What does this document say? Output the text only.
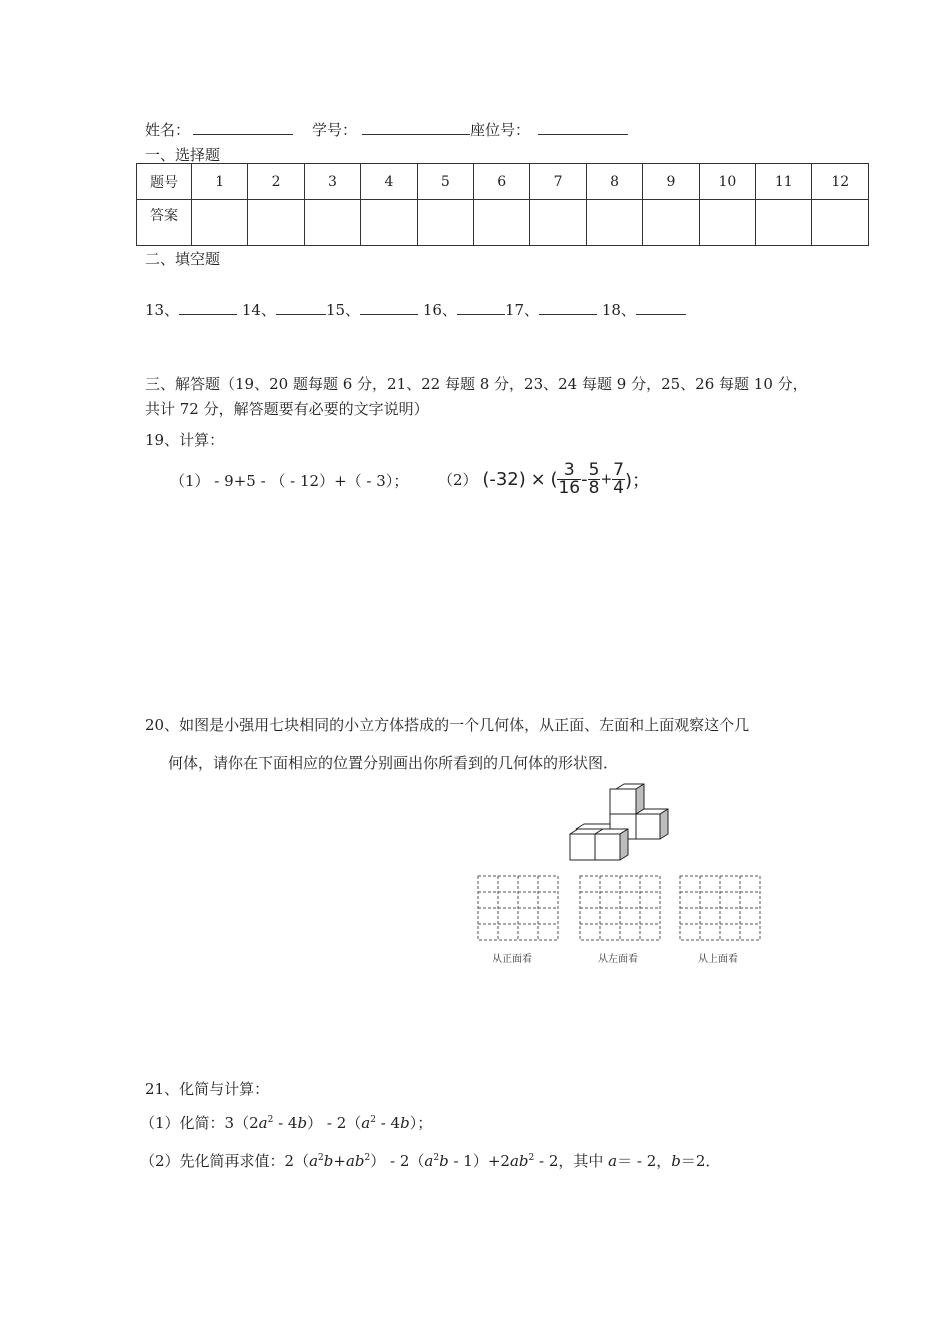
姓名：	学号：	座位号：
一、选择题
题号	1	2	3	4	5	6	7	8	9	10	11	12
答案												
二、填空题
13、	14、	15、	16、	17、	18、
三、解答题（19、20 题每题 6 分，21、22 每题 8 分，23、24 每题 9 分，25、26 每题 10 分，
共计 72 分，解答题要有必要的文字说明）
19、计算：
（1） - 9+5 - （ - 12）+（ - 3）； （2） (-32) × ( $\frac{3}{16} - \frac{5}{8} + \frac{7}{4}$ )；
20、如图是小强用七块相同的小立方体搭成的一个几何体，从正面、左面和上面观察这个几
何体，请你在下面相应的位置分别画出你所看到的几何体的形状图．
从正面看	从左面看	从上面看
21、化简与计算：
（1）化简：$3(2a^2 - 4b) - 2(a^2 - 4b)$；
（2）先化简再求值：$2(a^2b+ab^2) - 2(a^2b - 1)+2ab^2 - 2$，其中 a＝ - 2，b＝2．
